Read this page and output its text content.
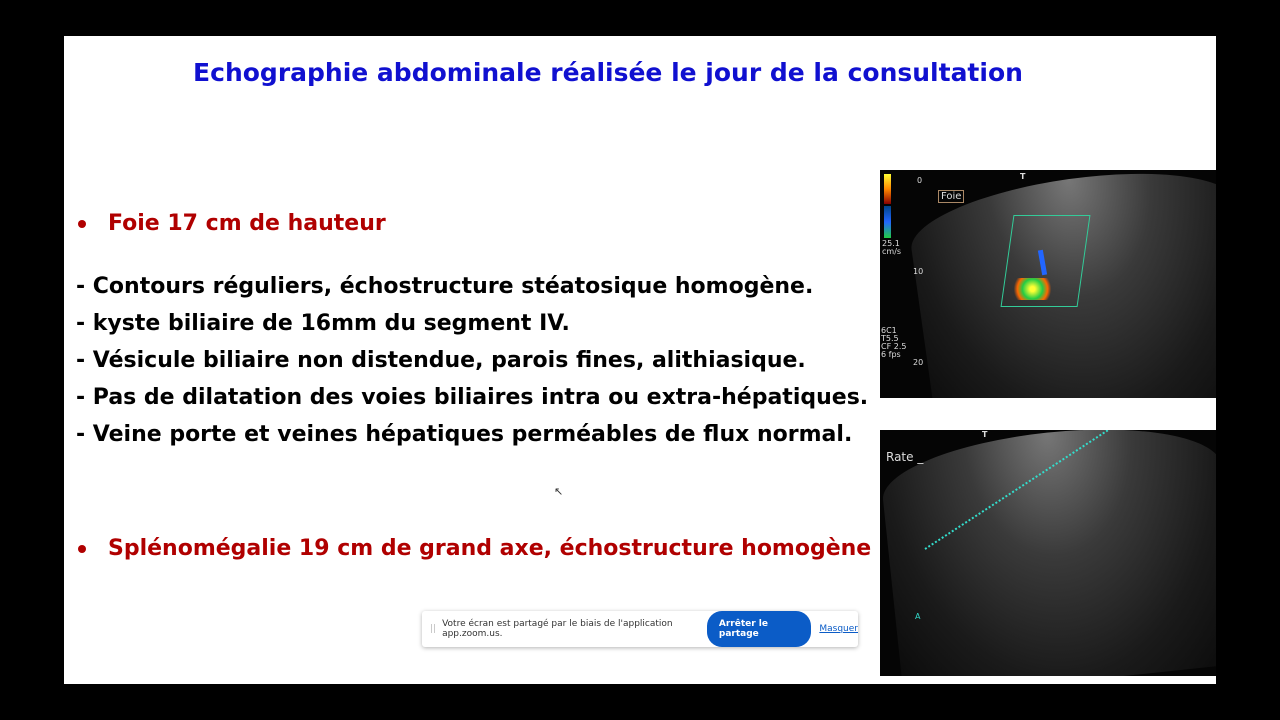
Echographie abdominale réalisée le jour de la consultation
Foie 17 cm de hauteur
- Contours réguliers, échostructure stéatosique homogène.
- kyste biliaire de 16mm du segment IV.
- Vésicule biliaire non distendue, parois fines, alithiasique.
- Pas de dilatation des voies biliaires intra ou extra-hépatiques.
- Veine porte et veines hépatiques perméables de flux normal.
Splénomégalie 19 cm de grand axe, échostructure homogène
25.1
cm/s
0
10
20
Foie
T
6C1
T5.5
CF 2.5
6 fps
Rate _
T
A
↖
|| Votre écran est partagé par le biais de l'application app.zoom.us.
Arrêter le partage	Masquer
